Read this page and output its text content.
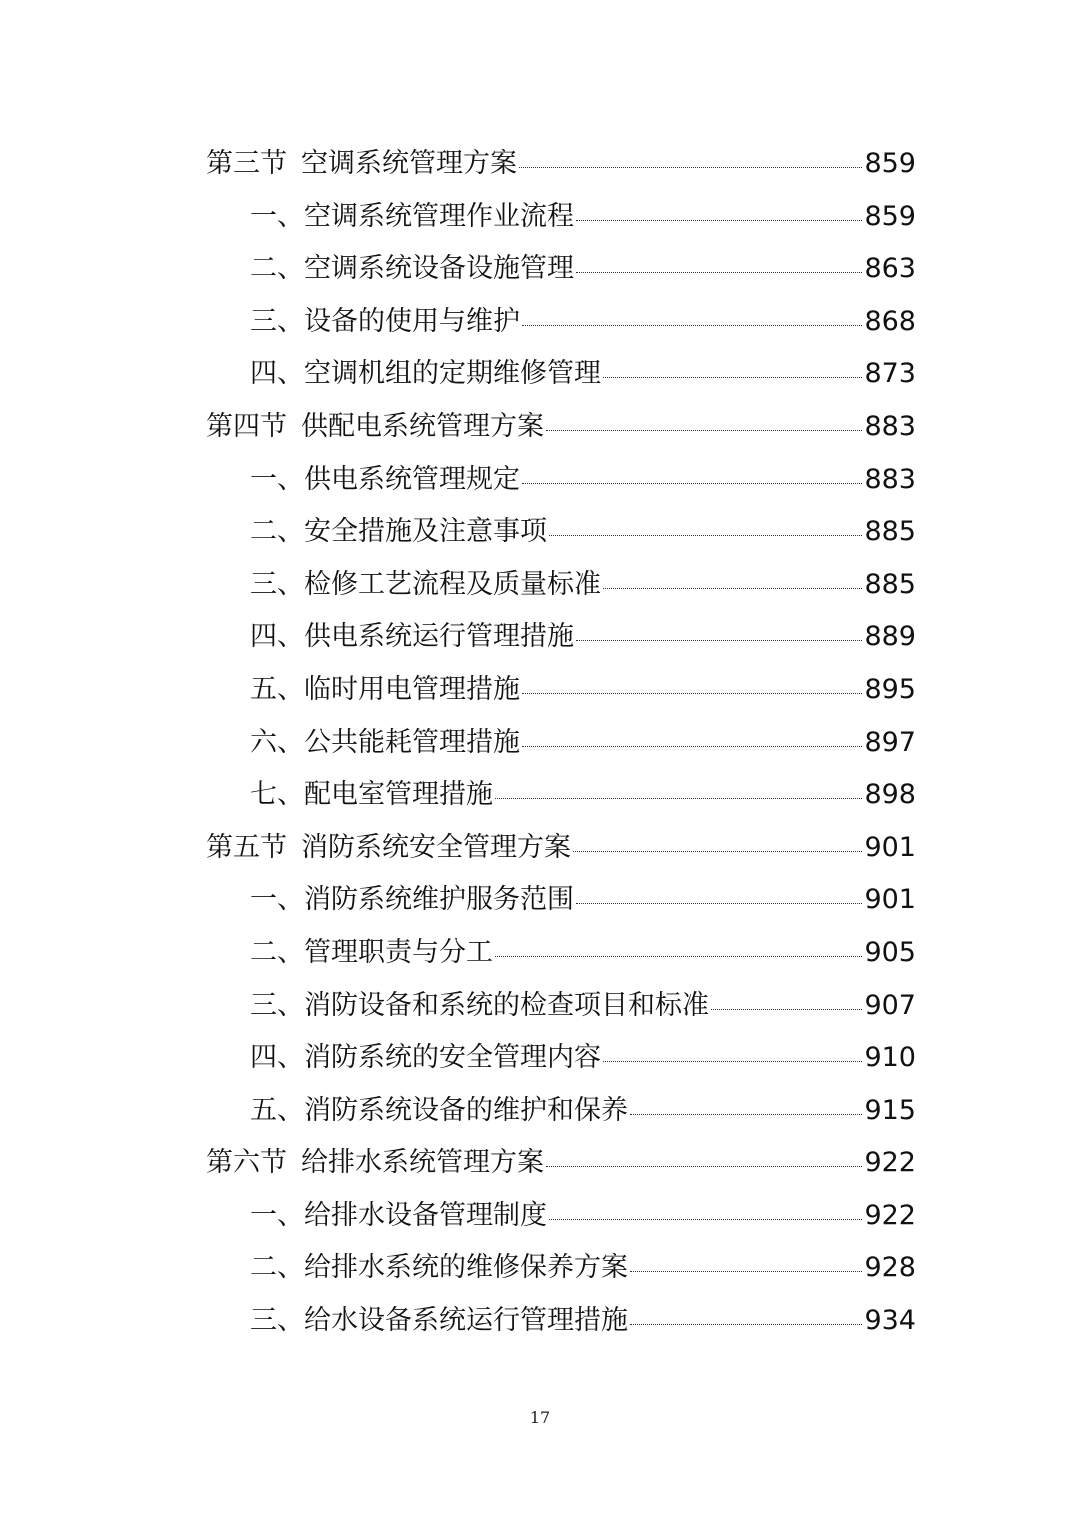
第三节 空调系统管理方案	859
一、空调系统管理作业流程	859
二、空调系统设备设施管理	863
三、设备的使用与维护	868
四、空调机组的定期维修管理	873
第四节 供配电系统管理方案	883
一、供电系统管理规定	883
二、安全措施及注意事项	885
三、检修工艺流程及质量标准	885
四、供电系统运行管理措施	889
五、临时用电管理措施	895
六、公共能耗管理措施	897
七、配电室管理措施	898
第五节 消防系统安全管理方案	901
一、消防系统维护服务范围	901
二、管理职责与分工	905
三、消防设备和系统的检查项目和标准	907
四、消防系统的安全管理内容	910
五、消防系统设备的维护和保养	915
第六节 给排水系统管理方案	922
一、给排水设备管理制度	922
二、给排水系统的维修保养方案	928
三、给水设备系统运行管理措施	934
17
